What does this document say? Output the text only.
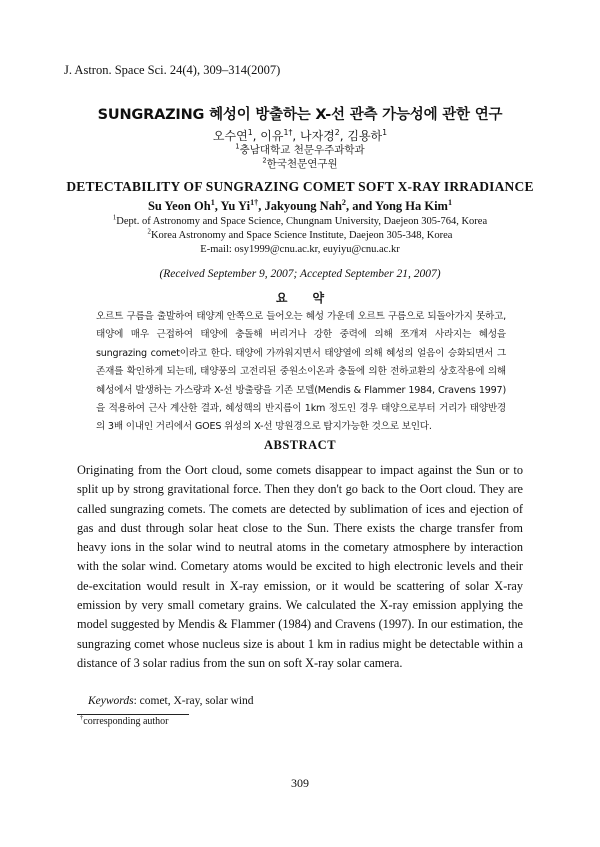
J. Astron. Space Sci. 24(4), 309–314(2007)
SUNGRAZING 혜성이 방출하는 X-선 관측 가능성에 관한 연구
오수연$^1$, 이유$^{1\dagger}$, 나자경$^2$, 김용하$^1$
$^1$충남대학교 천문우주과학과
$^2$한국천문연구원
DETECTABILITY OF SUNGRAZING COMET SOFT X-RAY IRRADIANCE
Su Yeon Oh$^1$, Yu $Yi^{1\dagger}$, Jakyoung Nah$^2$, and Yong Ha Kim$^1$
$^1$Dept. of Astronomy and Space Science, Chungnam University, Daejeon 305-764, Korea
$^2$Korea Astronomy and Space Science Institute, Daejeon 305-348, Korea
E-mail: osy1999@cnu.ac.kr, euyiyu@cnu.ac.kr
(Received September 9, 2007; Accepted September 21, 2007)
요      약
오르트 구름을 출발하여 태양계 안쪽으로 들어오는 혜성 가운데 오르트 구름으로 되돌아가지 못하고, 태양에 매우 근접하여 태양에 충돌해 버리거나 강한 중력에 의해 쪼개져 사라지는 혜성을 sungrazing comet이라고 한다. 태양에 가까워지면서 태양열에 의해 혜성의 얼음이 승화되면서 그 존재를 확인하게 되는데, 태양풍의 고전리된 중원소이온과 충돌에 의한 전하교환의 상호작용에 의해 혜성에서 발생하는 가스량과 X-선 방출량을 기존 모델(Mendis & Flammer 1984, Cravens 1997)을 적용하여 근사 계산한 결과, 혜성핵의 반지름이 1km 정도인 경우 태양으로부터 거리가 태양반경의 3배 이내인 거리에서 GOES 위성의 X-선 망원경으로 탐지가능한 것으로 보인다.
ABSTRACT
Originating from the Oort cloud, some comets disappear to impact against the Sun or to split up by strong gravitational force. Then they don't go back to the Oort cloud. They are called sungrazing comets. The comets are detected by sublimation of ices and ejection of gas and dust through solar heat close to the Sun. There exists the charge transfer from heavy ions in the solar wind to neutral atoms in the cometary atmosphere by interaction with the solar wind. Cometary atoms would be excited to high electronic levels and their de-excitation would result in X-ray emission, or it would be scattering of solar X-ray emission by very small cometary grains. We calculated the X-ray emission applying the model suggested by Mendis & Flammer (1984) and Cravens (1997). In our estimation, the sungrazing comet whose nucleus size is about 1 km in radius might be detectable within a distance of 3 solar radius from the sun on soft X-ray solar camera.
Keywords: comet, X-ray, solar wind
†corresponding author
309
